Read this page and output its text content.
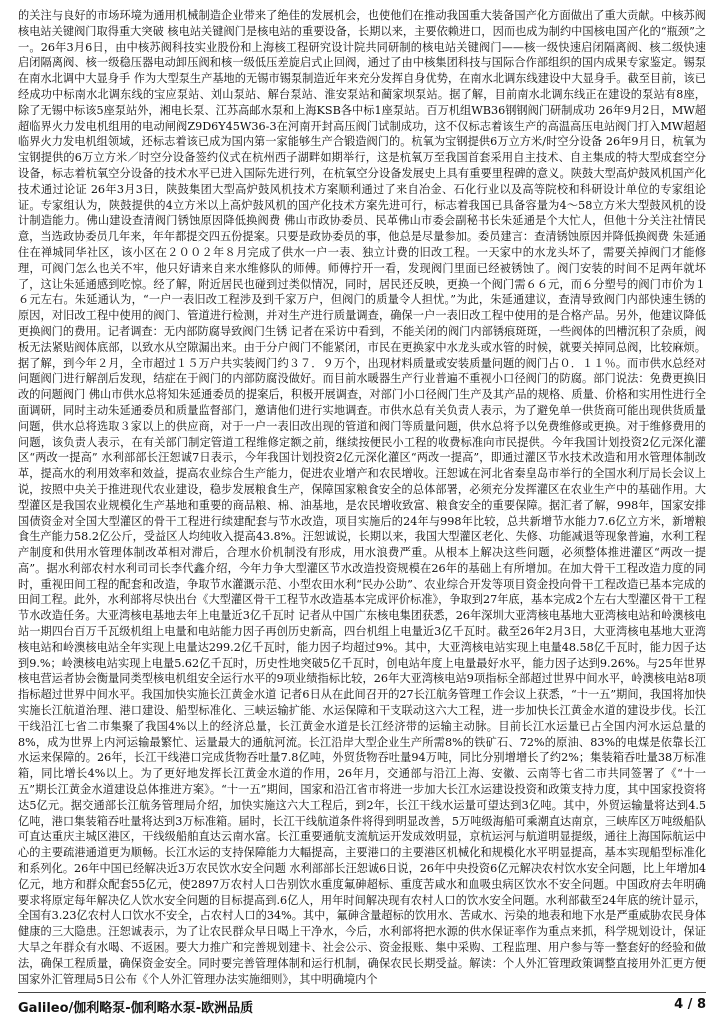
的关注与良好的市场环境为通用机械制造企业带来了绝佳的发展机会，也使他们在推动我国重大装备国产化方面做出了重大贡献。中核苏阀核电站关键阀门取得重大突破 核电站关键阀门是核电站的重要设备，长期以来，主要依赖进口，因而也成为制约中国核电国产化的“瓶颈”之一。26年3月6日，由中核苏阀科技实业股份和上海核工程研究设计院共同研制的核电站关键阀门——核一级快速启闭隔离阀、核二级快速启闭隔离阀、核一级稳压器电动卸压阀和核一级低压差旋启式止回阀，通过了由中核集团科技与国际合作部组织的国内成果专家鉴定。锡泵在南水北调中大显身手 作为大型泵生产基地的无锡市锡泵制造近年来充分发挥自身优势，在南水北调东线建设中大显身手。截至目前，该已经成功中标南水北调东线的宝应泵站、刘山泵站、解台泵站、淮安泵站和蔺家坝泵站。据了解，目前南水北调东线正在建设的泵站有8座，除了无锡中标该5座泵站外，湘电长泵、江苏高邮水泵和上海KSB各中标1座泵站。百万机组WB36钢钢阀门研制成功 26年9月2日，MW超超临界火力发电机组用的电动闸阀Z9D6Y45W36-3在河南开封高压阀门试制成功，这不仅标志着该生产的高温高压电站阀门打入MW超超临界火力发电机组领域，还标志着该已成为国内第一家能够生产合锻造阀门的。杭氧为宝钢提供6万立方米/时空分设备 26年9月日，杭氧为宝钢提供的6万立方米／时空分设备签约仪式在杭州西子湖畔如期举行，这是杭氧万至我国首套采用自主技术、自主集成的特大型成套空分设备，标志着杭氧空分设备的技术水平已进入国际先进行列，在杭氧空分设备发展史上具有重要里程碑的意义。陕鼓大型高炉鼓风机国产化技术通过论证 26年3月3日，陕鼓集团大型高炉鼓风机技术方案顺利通过了来自冶金、石化行业以及高等院校和科研设计单位的专家组论证。专家组认为，陕鼓提供的4立方米以上高炉鼓风机的国产化技术方案先进可行，标志着我国已具备容量为4～58立方米大型鼓风机的设计制造能力。佛山建设查清阀门锈蚀原因降低换阀费 佛山市政协委员、民革佛山市委会副秘书长朱延通是个大忙人，但他十分关注社情民意，当选政协委员几年来，年年都提交四五份提案。只要是政协委员的事，他总是尽量参加。委员建言：查清锈蚀原因并降低换阀费 朱延通住在禅城同华社区，该小区在２００２年８月完成了供水一户一表、独立计费的旧改工程。一天家中的水龙头坏了，需要关掉阀门才能修理，可阀门怎么也关不牢，他只好请来自来水维修队的师傅。师傅拧开一看，发现阀门里面已经被锈蚀了。阀门安装的时间不足两年就坏了，这让朱延通感到吃惊。经了解，附近居民也碰到过类似情况，同时，居民还反映，更换一个阀门需６６元，而６分塑号的阀门市价为１６元左右。朱延通认为，“一户一表旧改工程涉及到千家万户，但阀门的质量令人担忧。”为此，朱延通建议，查清导致阀门内部快速生锈的原因，对旧改工程中使用的阀门、管道进行检测，并对生产进行质量调查，确保一户一表旧改工程中使用的是合格产品。另外，他建议降低更换阀门的费用。记者调查：无内部防腐导致阀门生锈 记者在采访中看到，不能关闭的阀门内部锈痕斑斑，一些阀体的凹槽沉积了杂质，阀板无法紧贴阀体底部，以致水从空隙漏出来。由于分户阀门不能紧闭，市民在更换家中水龙头或水管的时候，就要关掉同总阀，比较麻烦。据了解，到今年２月，全市超过１５万户共实装阀门约３７．９万个，出现材料质量或安装质量问题的阀门占０．１１％。而市供水总经对问题阀门进行解剖后发现，结症在于阀门的内部防腐没做好。而目前水暖器生产行业普遍不重视小口径阀门的防腐。部门说法：免费更换旧改的问题阀门 佛山市供水总将知朱延通委员的提案后，积极开展调查，对部门小口径阀门生产及其产品的规格、质量、价格和实用性进行全面调研，同时主动朱延通委员和质量监督部门，邀请他们进行实地调查。市供水总有关负责人表示，为了避免单一供货商可能出现供货质量问题，供水总将选取３家以上的供应商，对于一户一表旧改出现的管道和阀门等质量问题，供水总将予以免费维修或更换。对于维修费用的问题，该负责人表示，在有关部门制定管道工程维修定额之前，继续按便民小工程的收费标准向市民提供。今年我国计划投资2亿元深化灌区“两改一提高” 水利部部长汪恕诚7日表示，今年我国计划投资2亿元深化灌区“两改一提高”，即通过灌区节水技术改造和用水管理体制改革，提高水的利用效率和效益，提高农业综合生产能力，促进农业增产和农民增收。汪恕诚在河北省秦皇岛市举行的全国水利厅局长会议上说，按照中央关于推进现代农业建设，稳步发展粮食生产，保障国家粮食安全的总体部署，必须充分发挥灌区在农业生产中的基础作用。大型灌区是我国农业规模化生产基地和重要的商品粮、棉、油基地，是农民增收致富、粮食安全的重要保障。据汇者了解，998年，国家安排国债资金对全国大型灌区的骨干工程进行续建配套与节水改造，项目实施后的24年与998年比较，总共新增节水能力7.6亿立方米，新增粮食生产能力58.2亿公斤，受益区人均纯收入提高43.8%。汪恕诚说，长期以来，我国大型灌区老化、失修、功能减退等现象普遍，水利工程产制度和供用水管理体制改革相对滞后，合理水价机制没有形成，用水浪费严重。从根本上解决这些问题，必须整体推进灌区“两改一提高”。据水利部农村水利司司长李代鑫介绍，今年力争大型灌区节水改造投资规模在26年的基础上有所增加。在加大骨干工程改造力度的同时，重视田间工程的配套和改造，争取节水灌溉示范、小型农田水利“民办公助”、农业综合开发等项目资金投向骨干工程改造已基本完成的田间工程。此外，水利部将尽快出台《大型灌区骨干工程节水改造基本完成评价标准》，争取到27年底，基本完成2个左右大型灌区骨干工程节水改造任务。大亚湾核电基地去年上电量近3亿千瓦时 记者从中国广东核电集团获悉，26年深圳大亚湾核电基地大亚湾核电站和岭澳核电站一期四台百万千瓦级机组上电量和电站能力因子再创历史新高，四台机组上电量近3亿千瓦时。截至26年2月3日，大亚湾核电基地大亚湾核电站和岭澳核电站全年实现上电量达299.2亿千瓦时，能力因子均超过9%。其中，大亚湾核电站实现上电量48.58亿千瓦时，能力因子达到9.%；岭澳核电站实现上电量5.62亿千瓦时，历史性地突破5亿千瓦时，创电站年度上电量最好水平，能力因子达到9.26%。与25年世界核电营运者协会衡量同类型核电机组安全运行水平的9项业绩指标比较，26年大亚湾核电站9项指标全部超过世界中间水平，岭澳核电站8项指标超过世界中间水平。我国加快实施长江黄金水道 记者6日从在此间召开的27长江航务管理工作会议上获悉，“十一五”期间，我国将加快实施长江航道治理、港口建设、船型标准化、三峡运输扩能、水运保障和干支联动这六大工程，进一步加快长江黄金水道的建设步伐。长江干线沿江七省二市集聚了我国4%以上的经济总量，长江黄金水道是长江经济带的运输主动脉。目前长江水运量已占全国内河水运总量的8%，成为世界上内河运输最繁忙、运量最大的通航河流。长江沿岸大型企业生产所需8%的铁矿石、72%的原油、83%的电煤是依靠长江水运来保障的。26年，长江干线港口完成货物吞吐量7.8亿吨，外贸货物吞吐量94万吨，同比分别增增长了约2%；集装箱吞吐量38万标准箱，同比增长4%以上。为了更好地发挥长江黄金水道的作用，26年月，交通部与沿江上海、安徽、云南等七省二市共同签署了《“十一五”期长江黄金水道建设总体推进方案》。“十一五”期间，国家和沿江省市将进一步加大长江水运建设投资和政策支持力度，其中国家投资将达5亿元。据交通部长江航务管理局介绍，加快实施这六大工程后，到2年，长江干线水运量可望达到3亿吨。其中，外贸运输量将达到4.5亿吨，港口集装箱吞吐量将达到3万标准箱。届时，长江干线航道条件将得到明显改善，5万吨级海船可乘潮直达南京，三峡库区万吨级船队可直达重庆主城区港区，干线级船舶直达云南水富。长江重要通航支流航运开发成效明显，京杭运河与航道明显提级，通往上海国际航运中心的主要疏港通道更为顺畅。长江水运的支持保障能力大幅提高，主要港口的主要港区机械化和规模化水平明显提高，基本实现船型标准化和系列化。26年中国已经解决近3万农民饮水安全问题 水利部部长汪恕诚6日说，26年中央投资6亿元解决农村饮水安全问题，比上年增加4亿元，地方和群众配套55亿元，使2897万农村人口告别饮水重度氟砷超标、重度苦咸水和血吸虫病区饮水不安全问题。中国政府去年明确要求将原定每年解决亿人饮水安全问题的目标提高到.6亿人，用年时间解决现有农村人口的饮水安全问题。水利部截至24年底的统计显示，全国有3.23亿农村人口饮水不安全，占农村人口的34%。其中，氟砷含量超标的饮用水、苦咸水、污染的地表和地下水是严重威胁农民身体健康的三大隐患。汪恕诚表示，为了让农民群众早日喝上干净水，今后，水利部将把水源的供水保证率作为重点来抓，科学规划设计，保证大旱之年群众有水喝、不返困。要大力推广和完善规划建卡、社会公示、资金报账、集中采购、工程监理、用户参与等一整套好的经验和做法，确保工程质量，确保资金安全。同时要完善管理体制和运行机制，确保农民长期受益。解读：个人外汇管理政策调整直接用外汇更方便 国家外汇管理局5日公布《个人外汇管理办法实施细则》，其中明确境内个
Galileo/伽利略泵-伽利略水泵-欧洲品质	4 / 8
